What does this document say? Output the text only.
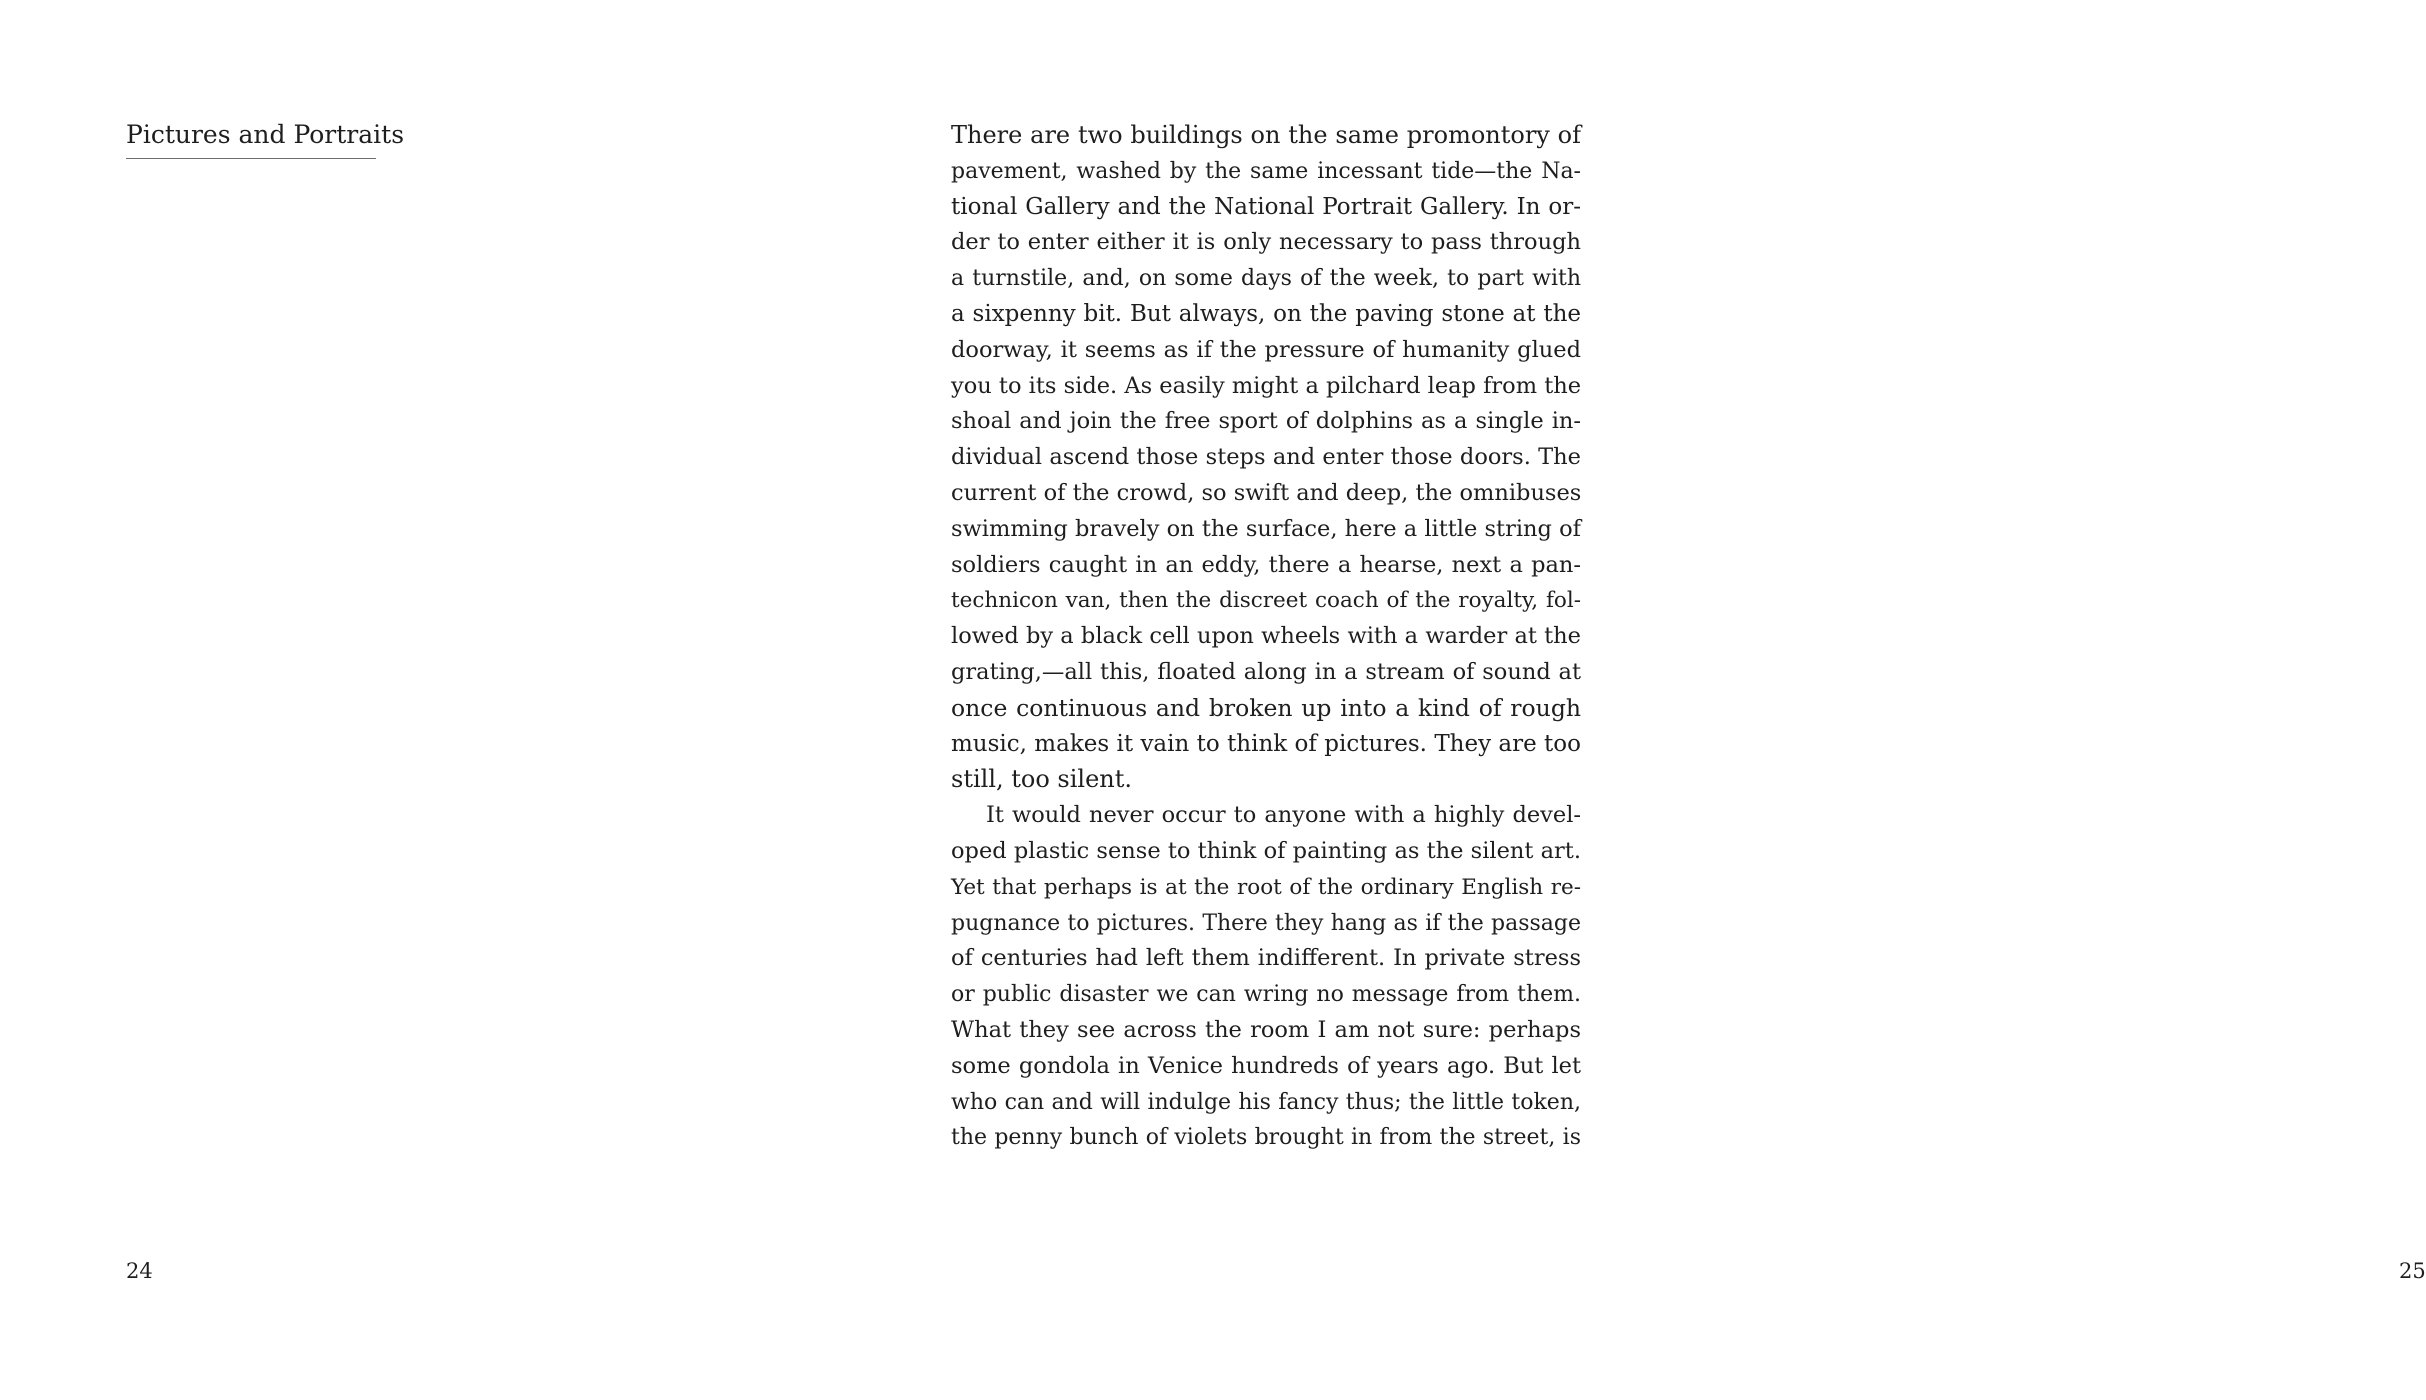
Pictures and Portraits
24	25
There are two buildings on the same promontory of
pavement, washed by the same incessant tide—the Na-
tional Gallery and the National Portrait Gallery. In or-
der to enter either it is only necessary to pass through
a turnstile, and, on some days of the week, to part with
a sixpenny bit. But always, on the paving stone at the
doorway, it seems as if the pressure of humanity glued
you to its side. As easily might a pilchard leap from the
shoal and join the free sport of dolphins as a single in-
dividual ascend those steps and enter those doors. The
current of the crowd, so swift and deep, the omnibuses
swimming bravely on the surface, here a little string of
soldiers caught in an eddy, there a hearse, next a pan-
technicon van, then the discreet coach of the royalty, fol-
lowed by a black cell upon wheels with a warder at the
grating,—all this, floated along in a stream of sound at
once continuous and broken up into a kind of rough
music, makes it vain to think of pictures. They are too
still, too silent.
It would never occur to anyone with a highly devel-
oped plastic sense to think of painting as the silent art.
Yet that perhaps is at the root of the ordinary English re-
pugnance to pictures. There they hang as if the passage
of centuries had left them indifferent. In private stress
or public disaster we can wring no message from them.
What they see across the room I am not sure: perhaps
some gondola in Venice hundreds of years ago. But let
who can and will indulge his fancy thus; the little token,
the penny bunch of violets brought in from the street, is
